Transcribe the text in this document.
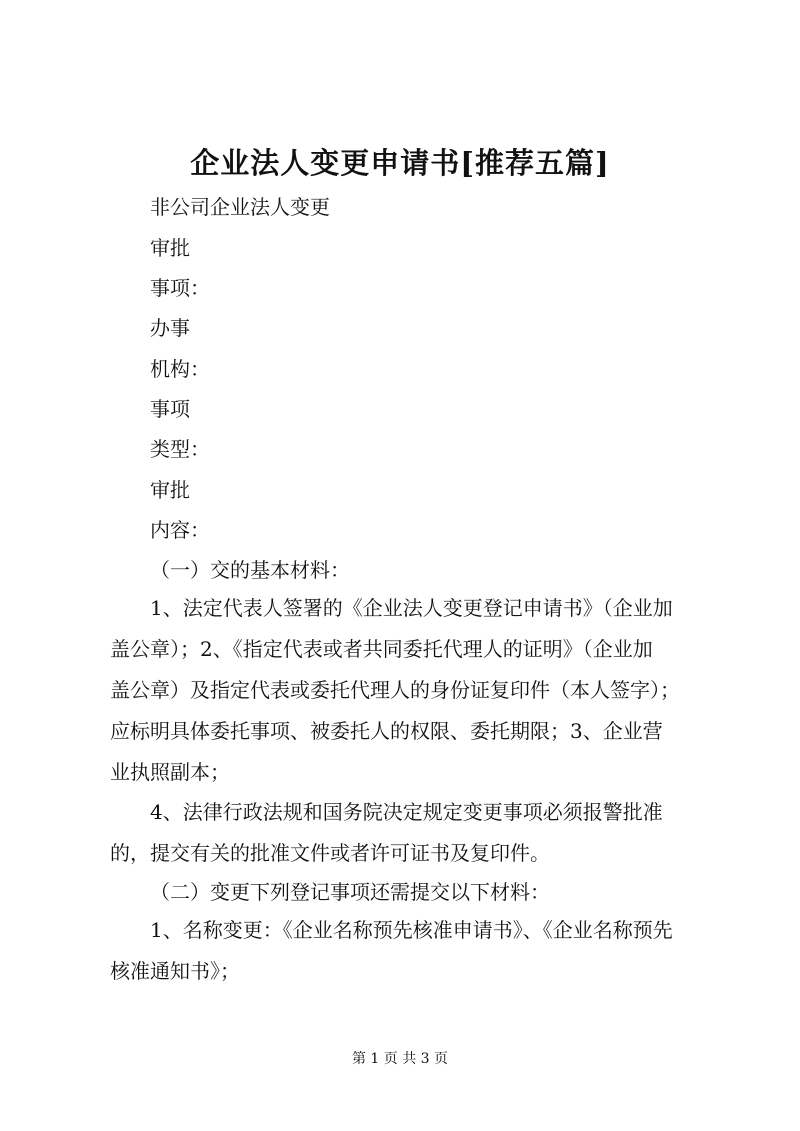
企业法人变更申请书[推荐五篇]
非公司企业法人变更
审批
事项：
办事
机构：
事项
类型：
审批
内容：
（一）交的基本材料：
1、法定代表人签署的《企业法人变更登记申请书》（企业加
盖公章）；2、《指定代表或者共同委托代理人的证明》（企业加
盖公章）及指定代表或委托代理人的身份证复印件（本人签字）；
应标明具体委托事项、被委托人的权限、委托期限；3、企业营
业执照副本；
4、法律行政法规和国务院决定规定变更事项必须报警批准
的，提交有关的批准文件或者许可证书及复印件。
（二）变更下列登记事项还需提交以下材料：
1、名称变更：《企业名称预先核准申请书》、《企业名称预先
核准通知书》；
第 1 页 共 3 页
